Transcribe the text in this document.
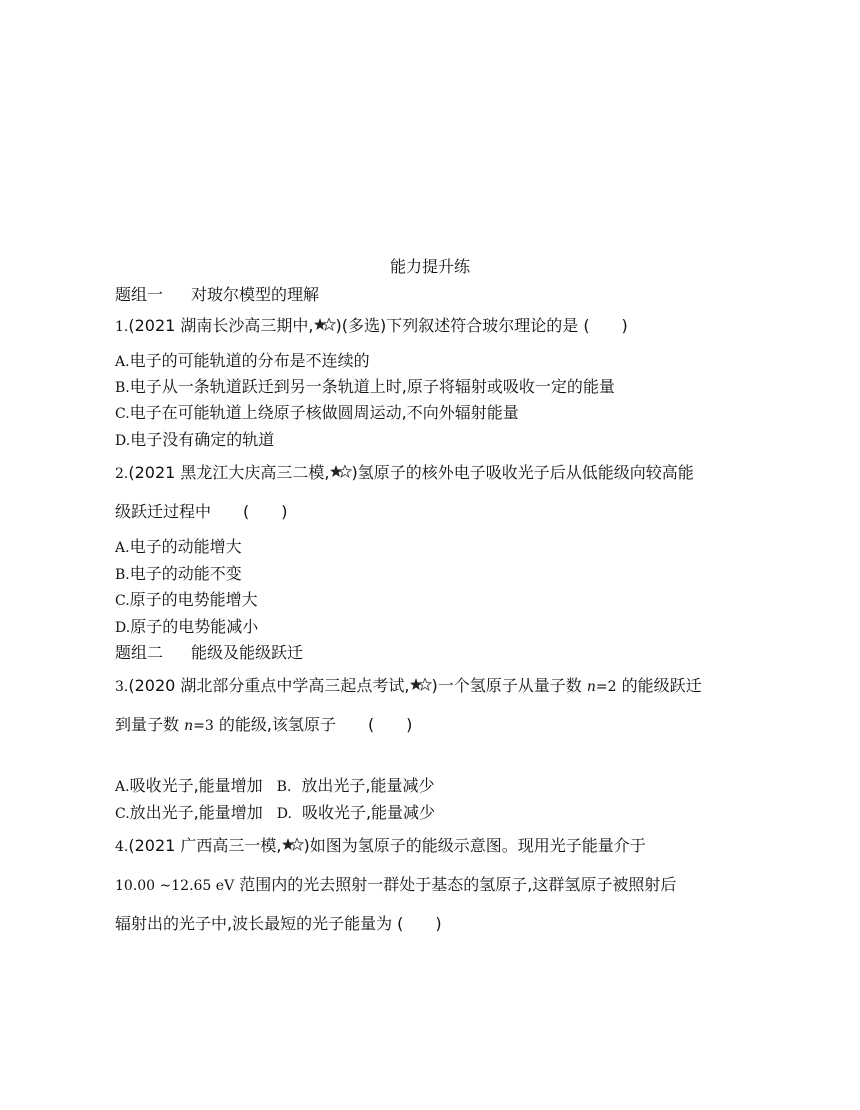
能力提升练
题组一 对玻尔模型的理解
1.(2021 湖南长沙高三期中, )(多选)下列叙述符合玻尔理论的是 (　　)
A.电子的可能轨道的分布是不连续的
B.电子从一条轨道跃迁到另一条轨道上时,原子将辐射或吸收一定的能量
C.电子在可能轨道上绕原子核做圆周运动,不向外辐射能量
D.电子没有确定的轨道
2.(2021 黑龙江大庆高三二模, )氢原子的核外电子吸收光子后从低能级向较高能
级跃迁过程中　　(　　)
A.电子的动能增大
B.电子的动能不变
C.原子的电势能增大
D.原子的电势能减小
题组二 能级及能级跃迁
3.(2020 湖北部分重点中学高三起点考试, )一个氢原子从量子数 n=2 的能级跃迁
到量子数 n=3 的能级,该氢原子　　(　　)
A.吸收光子,能量增加 B. 放出光子,能量减少
C.放出光子,能量增加 D. 吸收光子,能量减少
4.(2021 广西高三一模, )如图为氢原子的能级示意图。现用光子能量介于
10.00 ~12.65 eV 范围内的光去照射一群处于基态的氢原子,这群氢原子被照射后
辐射出的光子中,波长最短的光子能量为 (　　)
